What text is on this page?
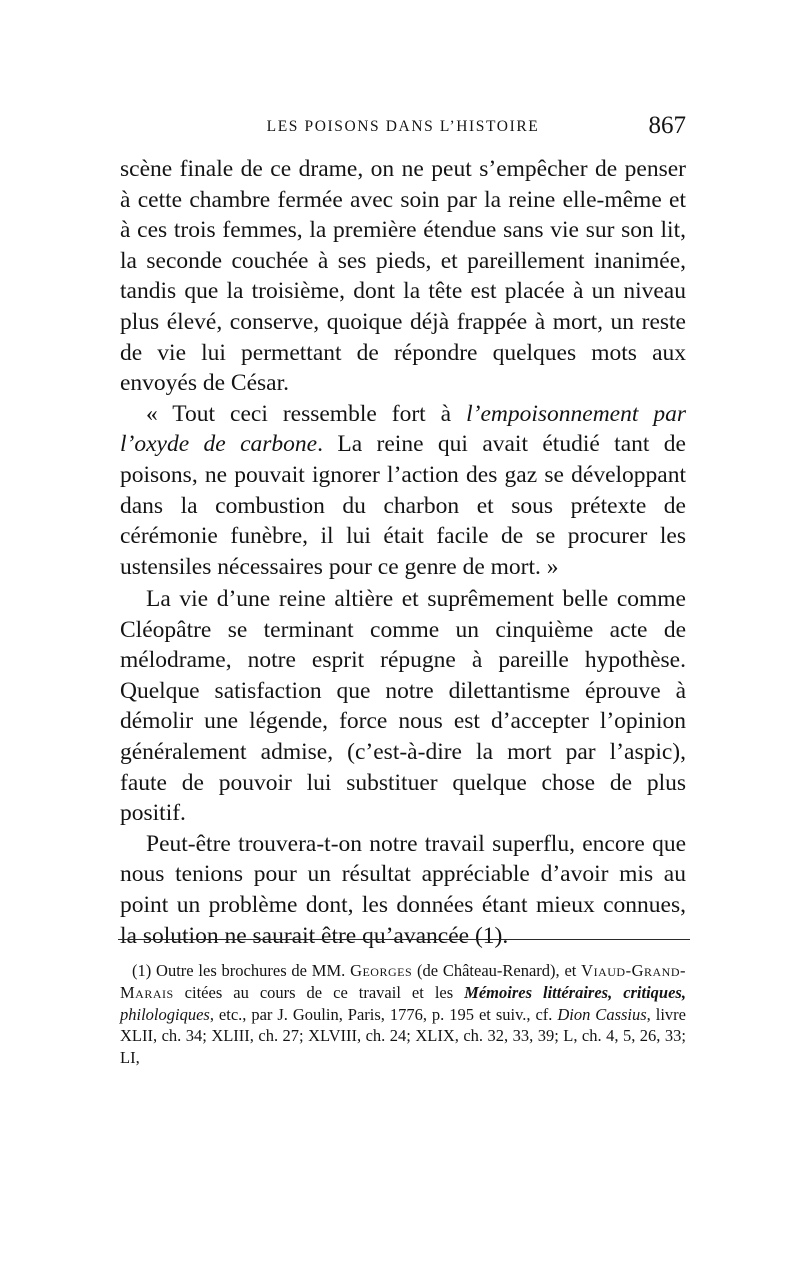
LES POISONS DANS L’HISTOIRE	867

scène finale de ce drame, on ne peut s’empêcher de penser à cette chambre fermée avec soin par la reine elle-même et à ces trois femmes, la première étendue sans vie sur son lit, la seconde couchée à ses pieds, et pareillement inanimée, tandis que la troisième, dont la tête est placée à un niveau plus élevé, conserve, quoique déjà frappée à mort, un reste de vie lui permettant de répondre quelques mots aux envoyés de César.

« Tout ceci ressemble fort à l’empoisonnement par l’oxyde de carbone. La reine qui avait étudié tant de poisons, ne pouvait ignorer l’action des gaz se développant dans la combustion du charbon et sous prétexte de cérémonie funèbre, il lui était facile de se procurer les ustensiles nécessaires pour ce genre de mort. »

La vie d’une reine altière et suprêmement belle comme Cléopâtre se terminant comme un cinquième acte de mélodrame, notre esprit répugne à pareille hypothèse. Quelque satisfaction que notre dilettantisme éprouve à démolir une légende, force nous est d’accepter l’opinion généralement admise, (c’est-à-dire la mort par l’aspic), faute de pouvoir lui substituer quelque chose de plus positif.

Peut-être trouvera-t-on notre travail superflu, encore que nous tenions pour un résultat appréciable d’avoir mis au point un problème dont, les données étant mieux connues, la solution ne saurait être qu’avancée (1).

(1) Outre les brochures de MM. Georges (de Château-Renard), et Viaud-Grand-Marais citées au cours de ce travail et les Mémoires littéraires, critiques, philologiques, etc., par J. Goulin, Paris, 1776, p. 195 et suiv., cf. Dion Cassius, livre XLII, ch. 34; XLIII, ch. 27; XLVIII, ch. 24; XLIX, ch. 32, 33, 39; L, ch. 4, 5, 26, 33; LI,
